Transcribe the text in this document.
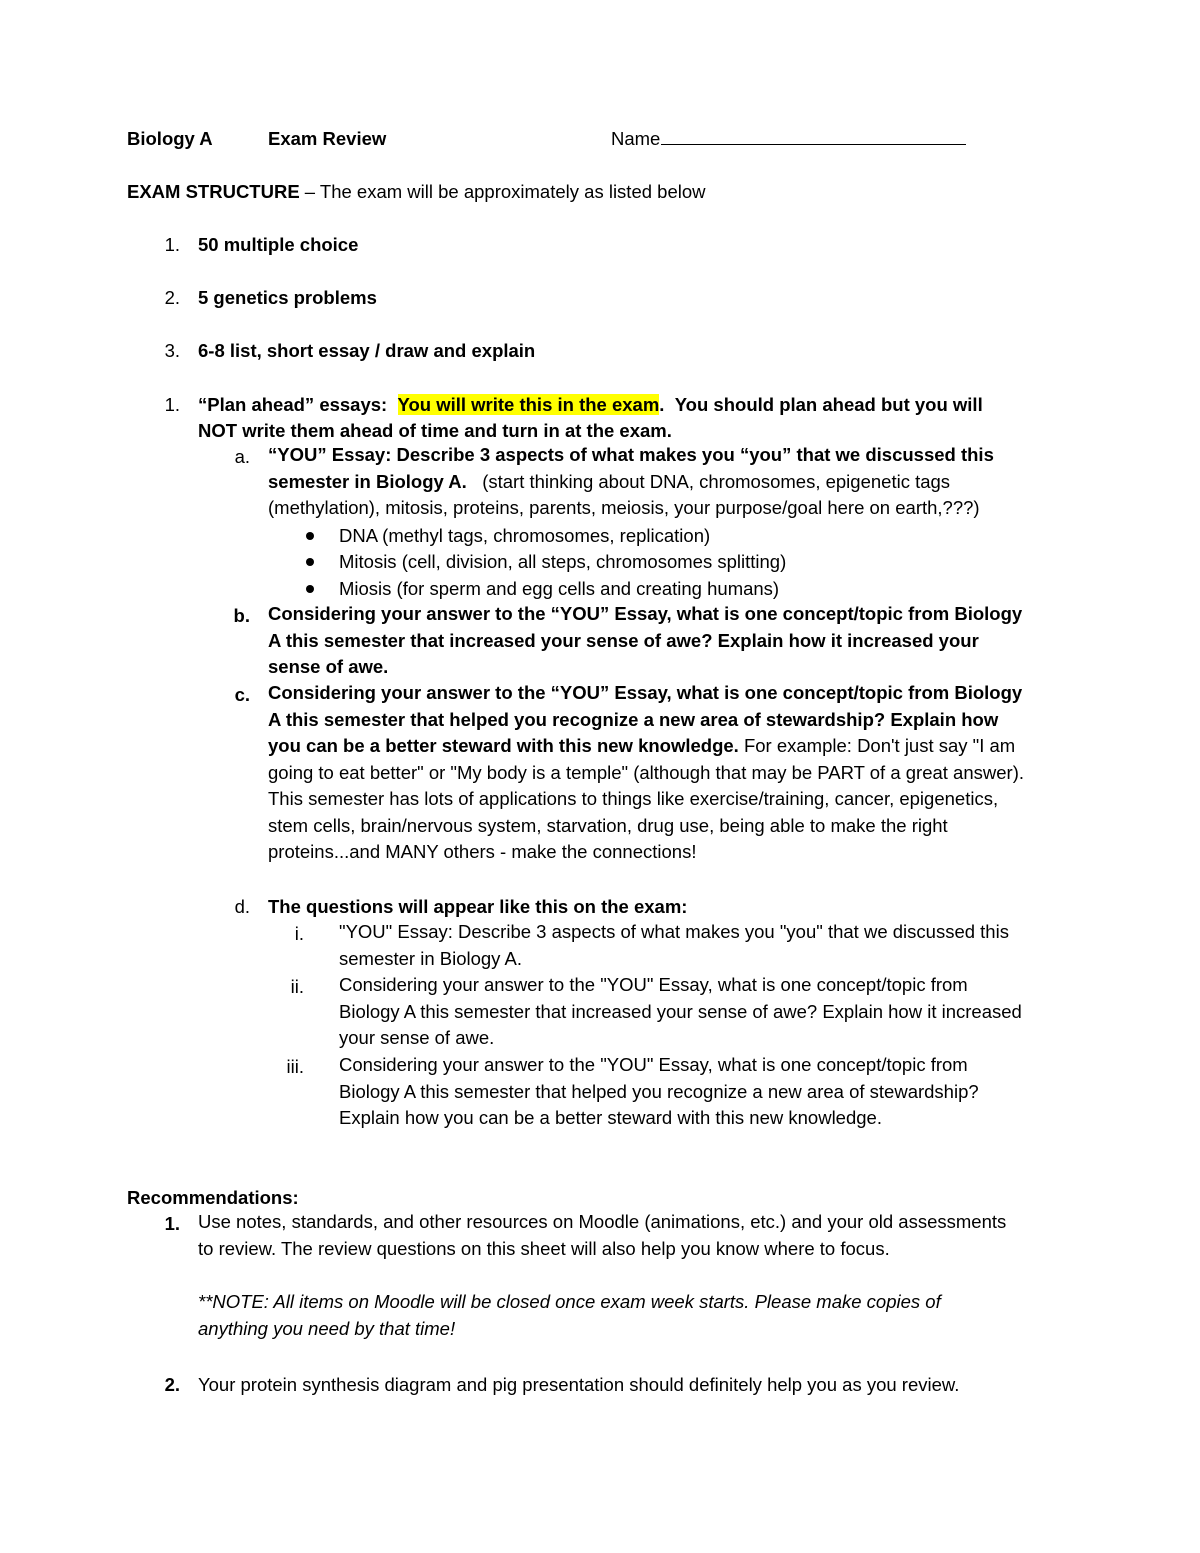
Biology A	Exam Review	Name
EXAM STRUCTURE – The exam will be approximately as listed below
1. 50 multiple choice
2. 5 genetics problems
3. 6-8 list, short essay / draw and explain
1. “Plan ahead” essays: You will write this in the exam.  You should plan ahead but you will
NOT write them ahead of time and turn in at the exam.
a. “YOU” Essay: Describe 3 aspects of what makes you “you” that we discussed this
semester in Biology A. (start thinking about DNA, chromosomes, epigenetic tags
(methylation), mitosis, proteins, parents, meiosis, your purpose/goal here on earth,???)
DNA (methyl tags, chromosomes, replication)
Mitosis (cell, division, all steps, chromosomes splitting)
Miosis (for sperm and egg cells and creating humans)
b. Considering your answer to the “YOU” Essay, what is one concept/topic from Biology
A this semester that increased your sense of awe? Explain how it increased your
sense of awe.
c. Considering your answer to the “YOU” Essay, what is one concept/topic from Biology
A this semester that helped you recognize a new area of stewardship? Explain how
you can be a better steward with this new knowledge. For example: Don't just say "I am
going to eat better" or "My body is a temple" (although that may be PART of a great answer).
This semester has lots of applications to things like exercise/training, cancer, epigenetics,
stem cells, brain/nervous system, starvation, drug use, being able to make the right
proteins...and MANY others - make the connections!
d. The questions will appear like this on the exam:
i. "YOU" Essay: Describe 3 aspects of what makes you "you" that we discussed this
semester in Biology A.
ii. Considering your answer to the "YOU" Essay, what is one concept/topic from
Biology A this semester that increased your sense of awe? Explain how it increased
your sense of awe.
iii. Considering your answer to the "YOU" Essay, what is one concept/topic from
Biology A this semester that helped you recognize a new area of stewardship?
Explain how you can be a better steward with this new knowledge.
Recommendations:
1. Use notes, standards, and other resources on Moodle (animations, etc.) and your old assessments
to review. The review questions on this sheet will also help you know where to focus.
**NOTE: All items on Moodle will be closed once exam week starts. Please make copies of
anything you need by that time!
2. Your protein synthesis diagram and pig presentation should definitely help you as you review.
